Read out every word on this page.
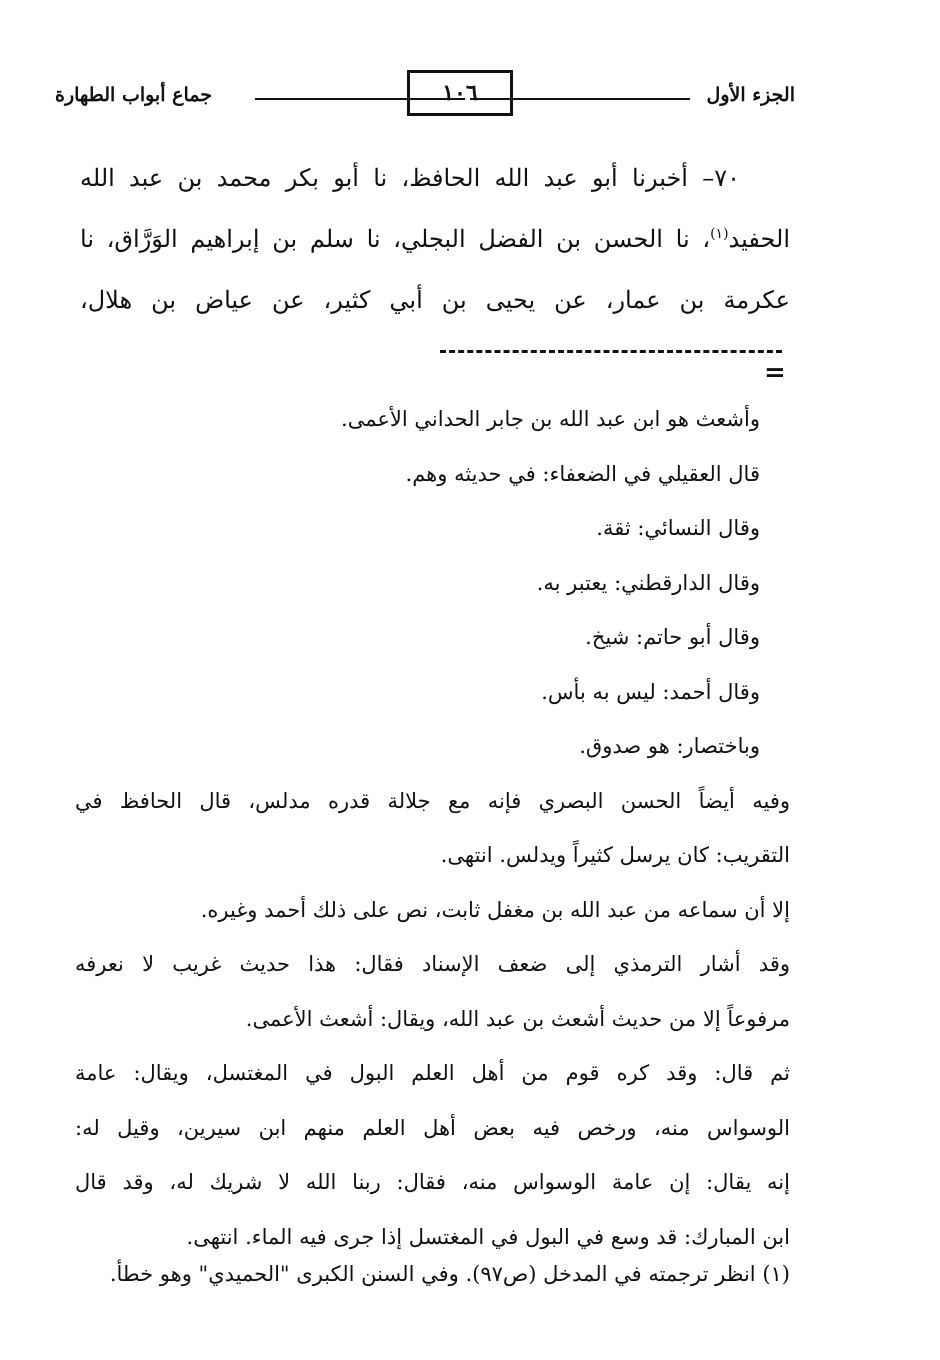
الجزء الأول
١٠٦
جماع أبواب الطهارة

٧٠– أخبرنا أبو عبد الله الحافظ، نا أبو بكر محمد بن عبد الله

الحفيد$^{(١)}$، نا الحسن بن الفضل البجلي، نا سلم بن إبراهيم الوَرَّاق، نا

عكرمة بن عمار، عن يحيى بن أبي كثير، عن عياض بن هلال،

=

وأشعث هو ابن عبد الله بن جابر الحداني الأعمى.

قال العقيلي في الضعفاء: في حديثه وهم.

وقال النسائي: ثقة.

وقال الدارقطني: يعتبر به.

وقال أبو حاتم: شيخ.

وقال أحمد: ليس به بأس.

وباختصار: هو صدوق.

وفيه أيضاً الحسن البصري فإنه مع جلالة قدره مدلس، قال الحافظ في

التقريب: كان يرسل كثيراً ويدلس. انتهى.

إلا أن سماعه من عبد الله بن مغفل ثابت، نص على ذلك أحمد وغيره.

وقد أشار الترمذي إلى ضعف الإسناد فقال: هذا حديث غريب لا نعرفه

مرفوعاً إلا من حديث أشعث بن عبد الله، ويقال: أشعث الأعمى.

ثم قال: وقد كره قوم من أهل العلم البول في المغتسل، ويقال: عامة

الوسواس منه، ورخص فيه بعض أهل العلم منهم ابن سيرين، وقيل له:

إنه يقال: إن عامة الوسواس منه، فقال: ربنا الله لا شريك له، وقد قال

ابن المبارك: قد وسع في البول في المغتسل إذا جرى فيه الماء. انتهى.

(١) انظر ترجمته في المدخل (ص٩٧). وفي السنن الكبرى "الحميدي" وهو خطأ.
